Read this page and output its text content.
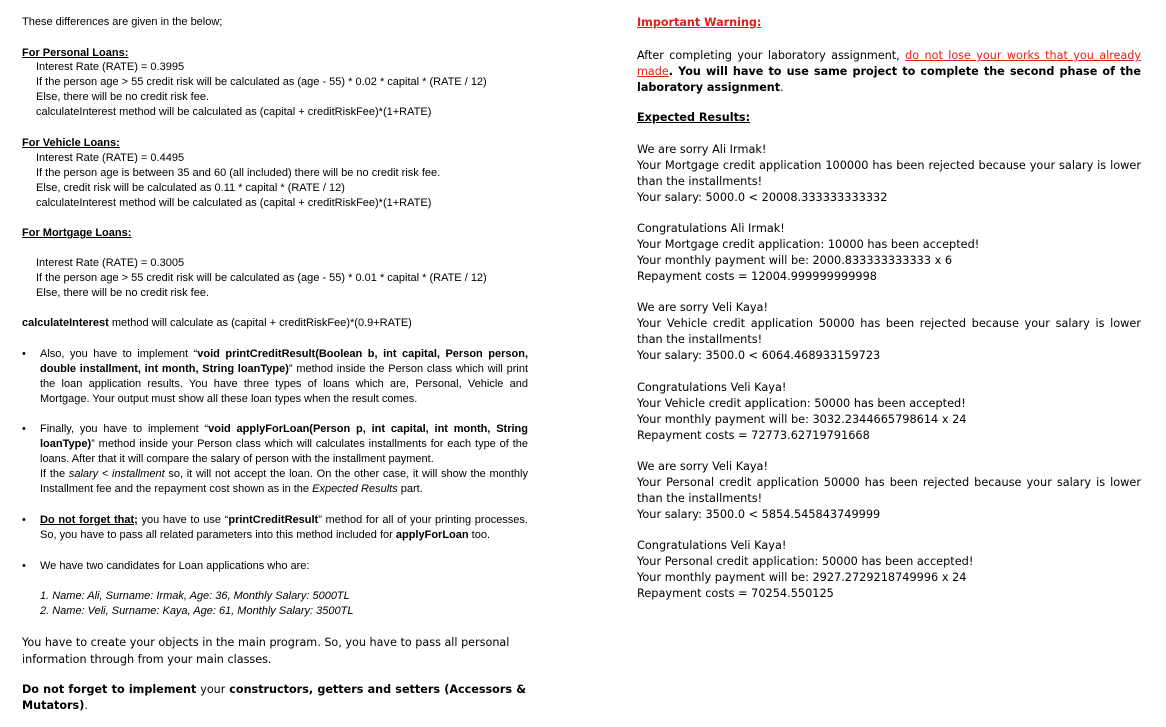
These differences are given in the below;
For Personal Loans:
Interest Rate (RATE) = 0.3995
If the person age > 55 credit risk will be calculated as (age - 55) * 0.02 * capital * (RATE / 12)
Else, there will be no credit risk fee.
calculateInterest method will be calculated as (capital + creditRiskFee)*(1+RATE)
For Vehicle Loans:
Interest Rate (RATE) = 0.4495
If the person age is between 35 and 60 (all included) there will be no credit risk fee.
Else, credit risk will be calculated as 0.11 * capital * (RATE / 12)
calculateInterest method will be calculated as (capital + creditRiskFee)*(1+RATE)
For Mortgage Loans:
Interest Rate (RATE) = 0.3005
If the person age > 55 credit risk will be calculated as (age - 55) * 0.01 * capital * (RATE / 12)
Else, there will be no credit risk fee.
calculateInterest method will calculate as (capital + creditRiskFee)*(0.9+RATE)
•	Also, you have to implement “void printCreditResult(Boolean b, int capital, Person person, double installment, int month, String loanType)” method inside the Person class which will print the loan application results. You have three types of loans which are, Personal, Vehicle and Mortgage. Your output must show all these loan types when the result comes.
•	Finally, you have to implement “void applyForLoan(Person p, int capital, int month, String loanType)” method inside your Person class which will calculates installments for each type of the loans. After that it will compare the salary of person with the installment payment.
If the salary < installment so, it will not accept the loan. On the other case, it will show the monthly Installment fee and the repayment cost shown as in the Expected Results part.
•	Do not forget that; you have to use “printCreditResult” method for all of your printing processes. So, you have to pass all related parameters into this method included for applyForLoan too.
•	We have two candidates for Loan applications who are:
1. Name: Ali, Surname: Irmak, Age: 36, Monthly Salary: 5000TL
2. Name: Veli, Surname: Kaya, Age: 61, Monthly Salary: 3500TL
You have to create your objects in the main program. So, you have to pass all personal information through from your main classes.
Do not forget to implement your constructors, getters and setters (Accessors & Mutators).
Important Warning:
After completing your laboratory assignment, do not lose your works that you already made. You will have to use same project to complete the second phase of the laboratory assignment.
Expected Results:
We are sorry Ali Irmak!
Your Mortgage credit application 100000 has been rejected because your salary is lower than the installments!
Your salary: 5000.0 < 20008.333333333332
Congratulations Ali Irmak!
Your Mortgage credit application: 10000 has been accepted!
Your monthly payment will be: 2000.833333333333 x 6
Repayment costs = 12004.999999999998
We are sorry Veli Kaya!
Your Vehicle credit application 50000 has been rejected because your salary is lower than the installments!
Your salary: 3500.0 < 6064.468933159723
Congratulations Veli Kaya!
Your Vehicle credit application: 50000 has been accepted!
Your monthly payment will be: 3032.2344665798614 x 24
Repayment costs = 72773.62719791668
We are sorry Veli Kaya!
Your Personal credit application 50000 has been rejected because your salary is lower than the installments!
Your salary: 3500.0 < 5854.545843749999
Congratulations Veli Kaya!
Your Personal credit application: 50000 has been accepted!
Your monthly payment will be: 2927.2729218749996 x 24
Repayment costs = 70254.550125
